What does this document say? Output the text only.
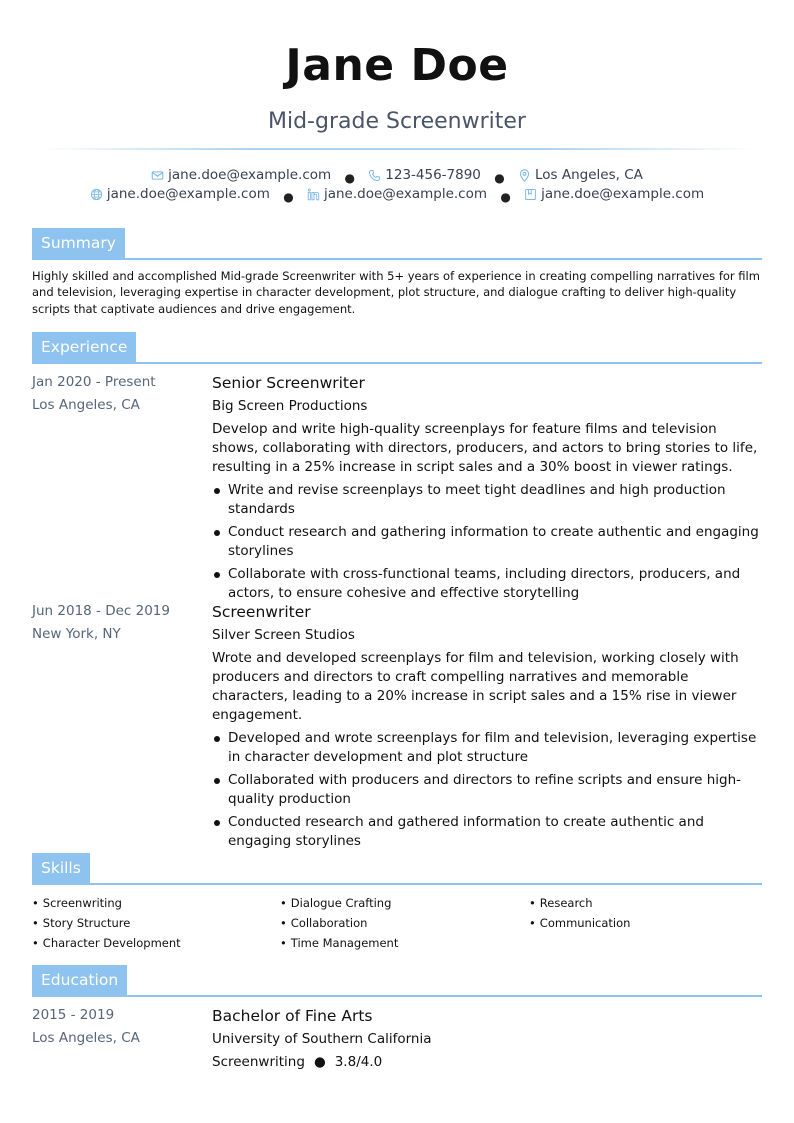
Jane Doe
Mid-grade Screenwriter
jane.doe@example.com ● 123-456-7890 ● Los Angeles, CA
jane.doe@example.com ● jane.doe@example.com ● jane.doe@example.com
Summary
Highly skilled and accomplished Mid-grade Screenwriter with 5+ years of experience in creating compelling narratives for film and television, leveraging expertise in character development, plot structure, and dialogue crafting to deliver high-quality scripts that captivate audiences and drive engagement.
Experience
Jan 2020 - Present
Los Angeles, CA
Senior Screenwriter
Big Screen Productions
Develop and write high-quality screenplays for feature films and television shows, collaborating with directors, producers, and actors to bring stories to life, resulting in a 25% increase in script sales and a 30% boost in viewer ratings.
Write and revise screenplays to meet tight deadlines and high production standards
Conduct research and gathering information to create authentic and engaging storylines
Collaborate with cross-functional teams, including directors, producers, and actors, to ensure cohesive and effective storytelling
Jun 2018 - Dec 2019
New York, NY
Screenwriter
Silver Screen Studios
Wrote and developed screenplays for film and television, working closely with producers and directors to craft compelling narratives and memorable characters, leading to a 20% increase in script sales and a 15% rise in viewer engagement.
Developed and wrote screenplays for film and television, leveraging expertise in character development and plot structure
Collaborated with producers and directors to refine scripts and ensure high-quality production
Conducted research and gathered information to create authentic and engaging storylines
Skills
• Screenwriting
• Story Structure
• Character Development
• Dialogue Crafting
• Collaboration
• Time Management
• Research
• Communication
Education
2015 - 2019
Los Angeles, CA
Bachelor of Fine Arts
University of Southern California
Screenwriting ● 3.8/4.0
